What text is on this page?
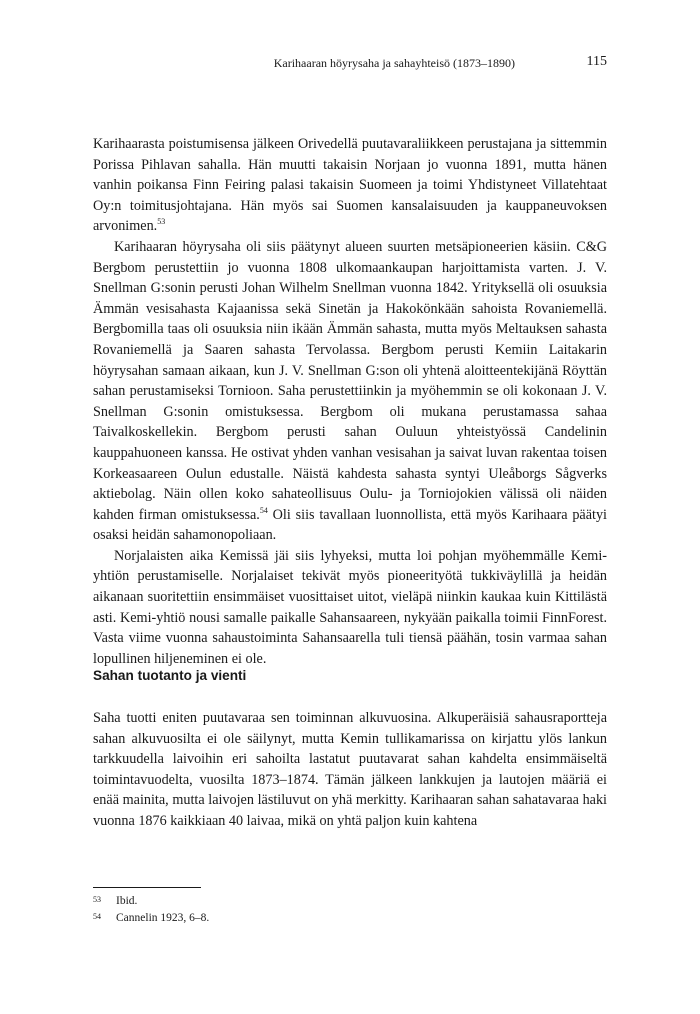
Karihaaran höyrysaha ja sahayhteisö (1873–1890)	115

Karihaarasta poistumisensa jälkeen Orivedellä puutavaraliikkeen perustajana ja sittemmin Porissa Pihlavan sahalla. Hän muutti takaisin Norjaan jo vuonna 1891, mutta hänen vanhin poikansa Finn Feiring palasi takaisin Suomeen ja toimi Yhdistyneet Villatehtaat Oy:n toimitusjohtajana. Hän myös sai Suomen kansalaisuuden ja kauppaneuvoksen arvonimen.$^{53}$

Karihaaran höyrysaha oli siis päätynyt alueen suurten metsäpioneerien käsiin. C&G Bergbom perustettiin jo vuonna 1808 ulkomaankaupan harjoittamista varten. J. V. Snellman G:sonin perusti Johan Wilhelm Snellman vuonna 1842. Yrityksellä oli osuuksia Ämmän vesisahasta Kajaanissa sekä Sinetän ja Hakokönkään sahoista Rovaniemellä. Bergbomilla taas oli osuuksia niin ikään Ämmän sahasta, mutta myös Meltauksen sahasta Rovaniemellä ja Saaren sahasta Tervolassa. Bergbom perusti Kemiin Laitakarin höyrysahan samaan aikaan, kun J. V. Snellman G:son oli yhtenä aloitteentekijänä Röyttän sahan perustamiseksi Tornioon. Saha perustettiinkin ja myöhemmin se oli kokonaan J. V. Snellman G:sonin omistuksessa. Bergbom oli mukana perustamassa sahaa Taivalkoskellekin. Bergbom perusti sahan Ouluun yhteistyössä Candelinin kauppahuoneen kanssa. He ostivat yhden vanhan vesisahan ja saivat luvan rakentaa toisen Korkeasaareen Oulun edustalle. Näistä kahdesta sahasta syntyi Uleåborgs Sågverks aktiebolag. Näin ollen koko sahateollisuus Oulu- ja Torniojokien välissä oli näiden kahden firman omistuksessa.$^{54}$ Oli siis tavallaan luonnollista, että myös Karihaara päätyi osaksi heidän sahamonopoliaan.

Norjalaisten aika Kemissä jäi siis lyhyeksi, mutta loi pohjan myöhemmälle Kemi-yhtiön perustamiselle. Norjalaiset tekivät myös pioneerityötä tukkiväylillä ja heidän aikanaan suoritettiin ensimmäiset vuosittaiset uitot, vieläpä niinkin kaukaa kuin Kittilästä asti. Kemi-yhtiö nousi samalle paikalle Sahansaareen, nykyään paikalla toimii FinnForest. Vasta viime vuonna sahaustoiminta Sahansaarella tuli tiensä päähän, tosin varmaa sahan lopullinen hiljeneminen ei ole.

Sahan tuotanto ja vienti

Saha tuotti eniten puutavaraa sen toiminnan alkuvuosina. Alkuperäisiä sahausraportteja sahan alkuvuosilta ei ole säilynyt, mutta Kemin tullikamarissa on kirjattu ylös lankun tarkkuudella laivoihin eri sahoilta lastatut puutavarat sahan kahdelta ensimmäiseltä toimintavuodelta, vuosilta 1873–1874. Tämän jälkeen lankkujen ja lautojen määriä ei enää mainita, mutta laivojen lästiluvut on yhä merkitty. Karihaaran sahan sahatavaraa haki vuonna 1876 kaikkiaan 40 laivaa, mikä on yhtä paljon kuin kahtena

53 Ibid.
54 Cannelin 1923, 6–8.
